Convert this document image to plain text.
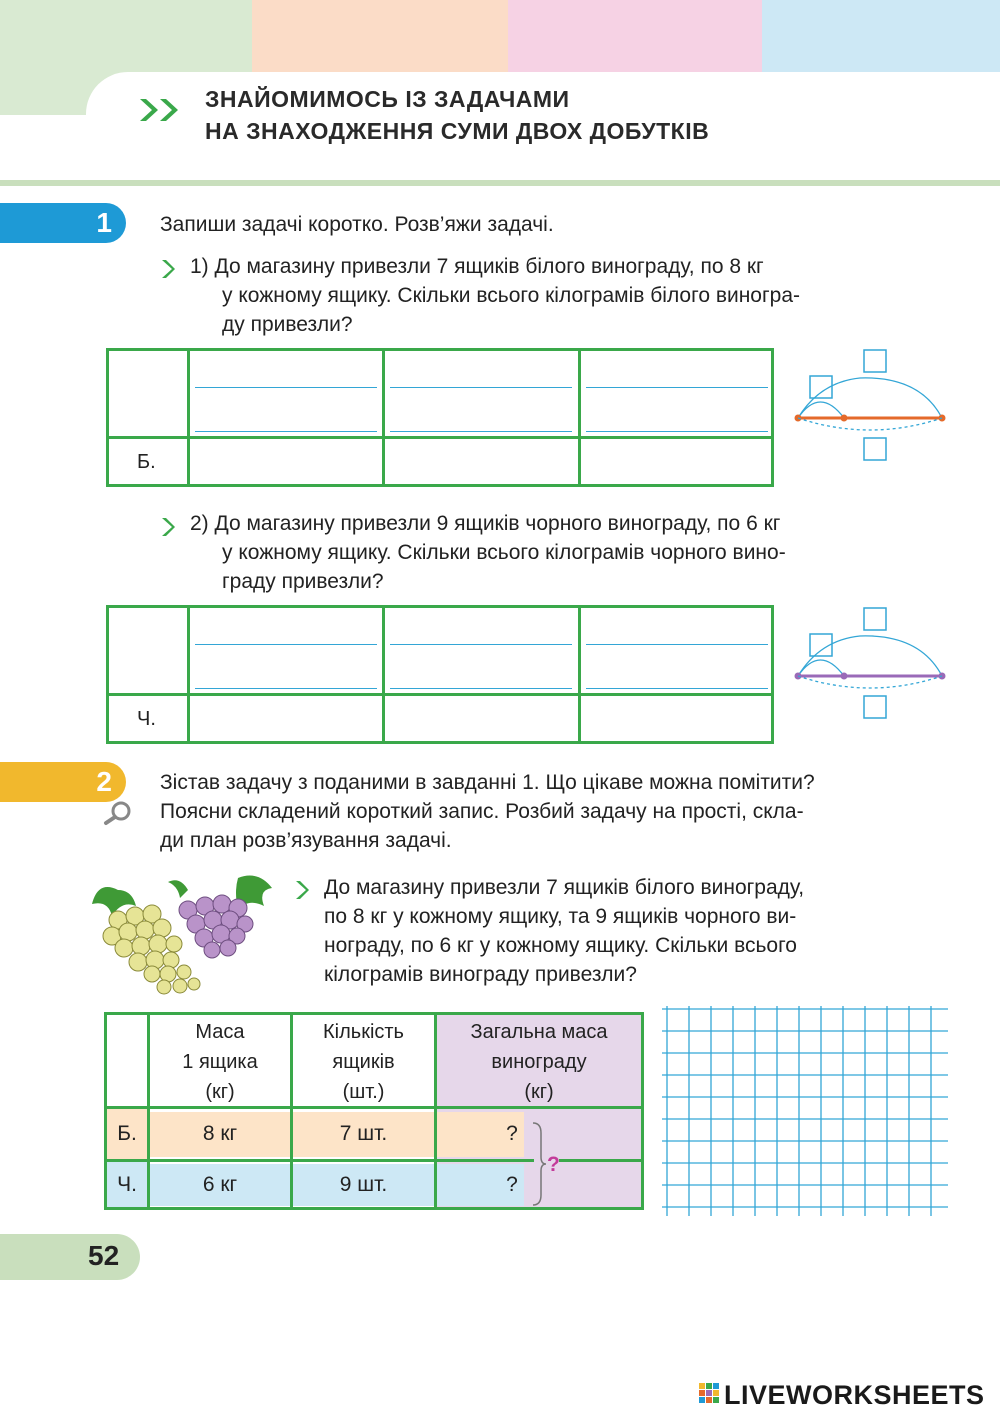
ЗНАЙОМИМОСЬ ІЗ ЗАДАЧАМИ
НА ЗНАХОДЖЕННЯ СУМИ ДВОХ ДОБУТКІВ
1	Запиши задачі коротко. Розв’яжи задачі.
1) До магазину привезли 7 ящиків білого винограду, по 8 кг
у кожному ящику. Скільки всього кілограмів білого виногра-
ду привезли?
Б.
2) До магазину привезли 9 ящиків чорного винограду, по 6 кг
у кожному ящику. Скільки всього кілограмів чорного вино-
граду привезли?
Ч.
2	Зістав задачу з поданими в завданні 1. Що цікаве можна помітити?
Поясни складений короткий запис. Розбий задачу на прості, скла-
ди план розв’язування задачі.
До магазину привезли 7 ящиків білого винограду,
по 8 кг у кожному ящику, та 9 ящиків чорного ви-
нограду, по 6 кг у кожному ящику. Скільки всього
кілограмів винограду привезли?
Маса
1 ящика
(кг)
Кількість
ящиків
(шт.)
Загальна маса
винограду
(кг)
Б.	8 кг	7 шт.	?
Ч.	6 кг	9 шт.	?
?
52
LIVEWORKSHEETS
